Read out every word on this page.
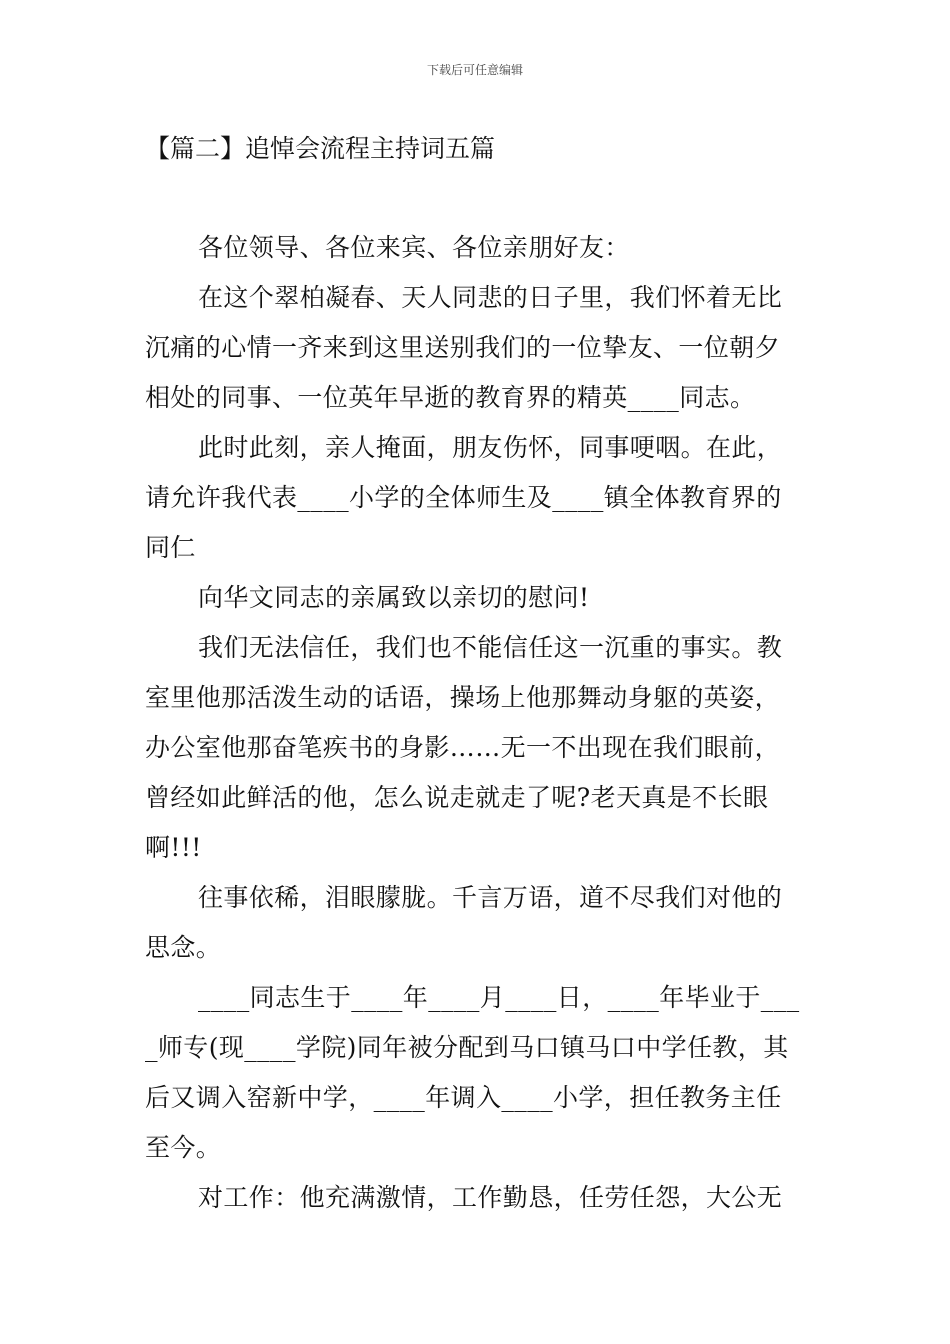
下载后可任意编辑
【篇二】追悼会流程主持词五篇
各位领导、各位来宾、各位亲朋好友：
在这个翠柏凝春、天人同悲的日子里，我们怀着无比
沉痛的心情一齐来到这里送别我们的一位挚友、一位朝夕
相处的同事、一位英年早逝的教育界的精英____同志。
此时此刻，亲人掩面，朋友伤怀，同事哽咽。在此，
请允许我代表____小学的全体师生及____镇全体教育界的
同仁
向华文同志的亲属致以亲切的慰问!
我们无法信任，我们也不能信任这一沉重的事实。教
室里他那活泼生动的话语，操场上他那舞动身躯的英姿，
办公室他那奋笔疾书的身影……无一不出现在我们眼前，
曾经如此鲜活的他，怎么说走就走了呢?老天真是不长眼
啊!!!
往事依稀，泪眼朦胧。千言万语，道不尽我们对他的
思念。
____同志生于____年____月____日，____年毕业于___
_师专(现____学院)同年被分配到马口镇马口中学任教，其
后又调入窑新中学，____年调入____小学，担任教务主任
至今。
对工作：他充满激情，工作勤恳，任劳任怨，大公无
